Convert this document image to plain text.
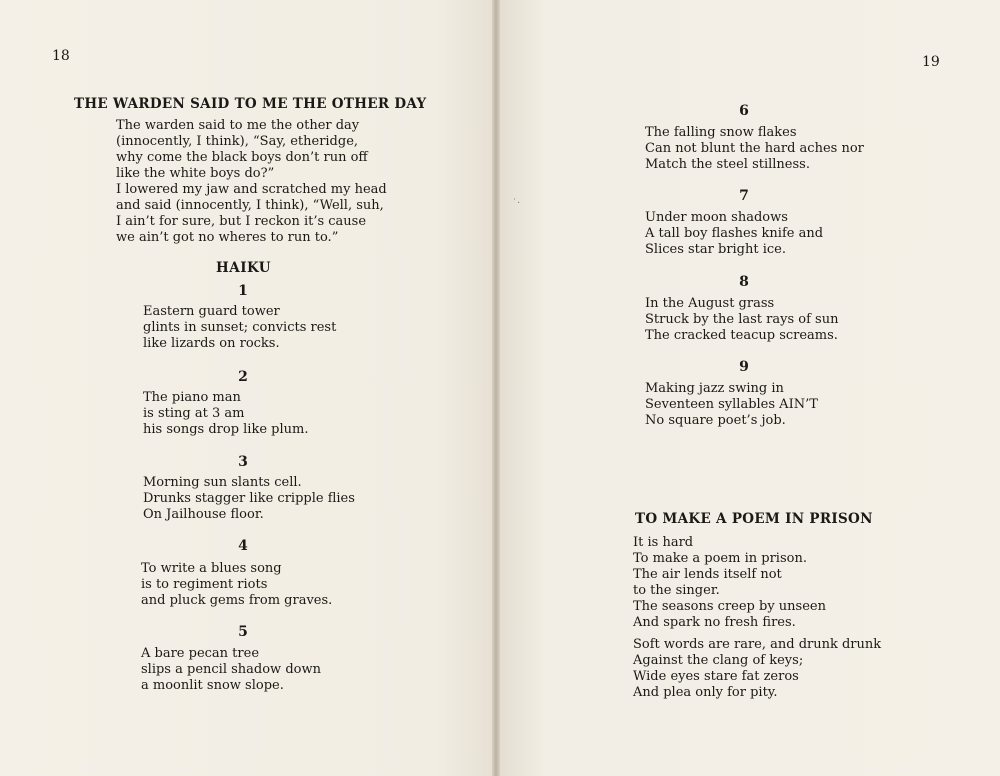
18
THE WARDEN SAID TO ME THE OTHER DAY
The warden said to me the other day
(innocently, I think), “Say, etheridge,
why come the black boys don’t run off
like the white boys do?”
I lowered my jaw and scratched my head
and said (innocently, I think), “Well, suh,
I ain’t for sure, but I reckon it’s cause
we ain’t got no wheres to run to.”
HAIKU
1
Eastern guard tower
glints in sunset; convicts rest
like lizards on rocks.
2
The piano man
is sting at 3 am
his songs drop like plum.
3
Morning sun slants cell.
Drunks stagger like cripple flies
On Jailhouse floor.
4
To write a blues song
is to regiment riots
and pluck gems from graves.
5
A bare pecan tree
slips a pencil shadow down
a moonlit snow slope.
19
˙·
6
The falling snow flakes
Can not blunt the hard aches nor
Match the steel stillness.
7
Under moon shadows
A tall boy flashes knife and
Slices star bright ice.
8
In the August grass
Struck by the last rays of sun
The cracked teacup screams.
9
Making jazz swing in
Seventeen syllables AIN’T
No square poet’s job.
TO MAKE A POEM IN PRISON
It is hard
To make a poem in prison.
The air lends itself not
to the singer.
The seasons creep by unseen
And spark no fresh fires.
Soft words are rare, and drunk drunk
Against the clang of keys;
Wide eyes stare fat zeros
And plea only for pity.
